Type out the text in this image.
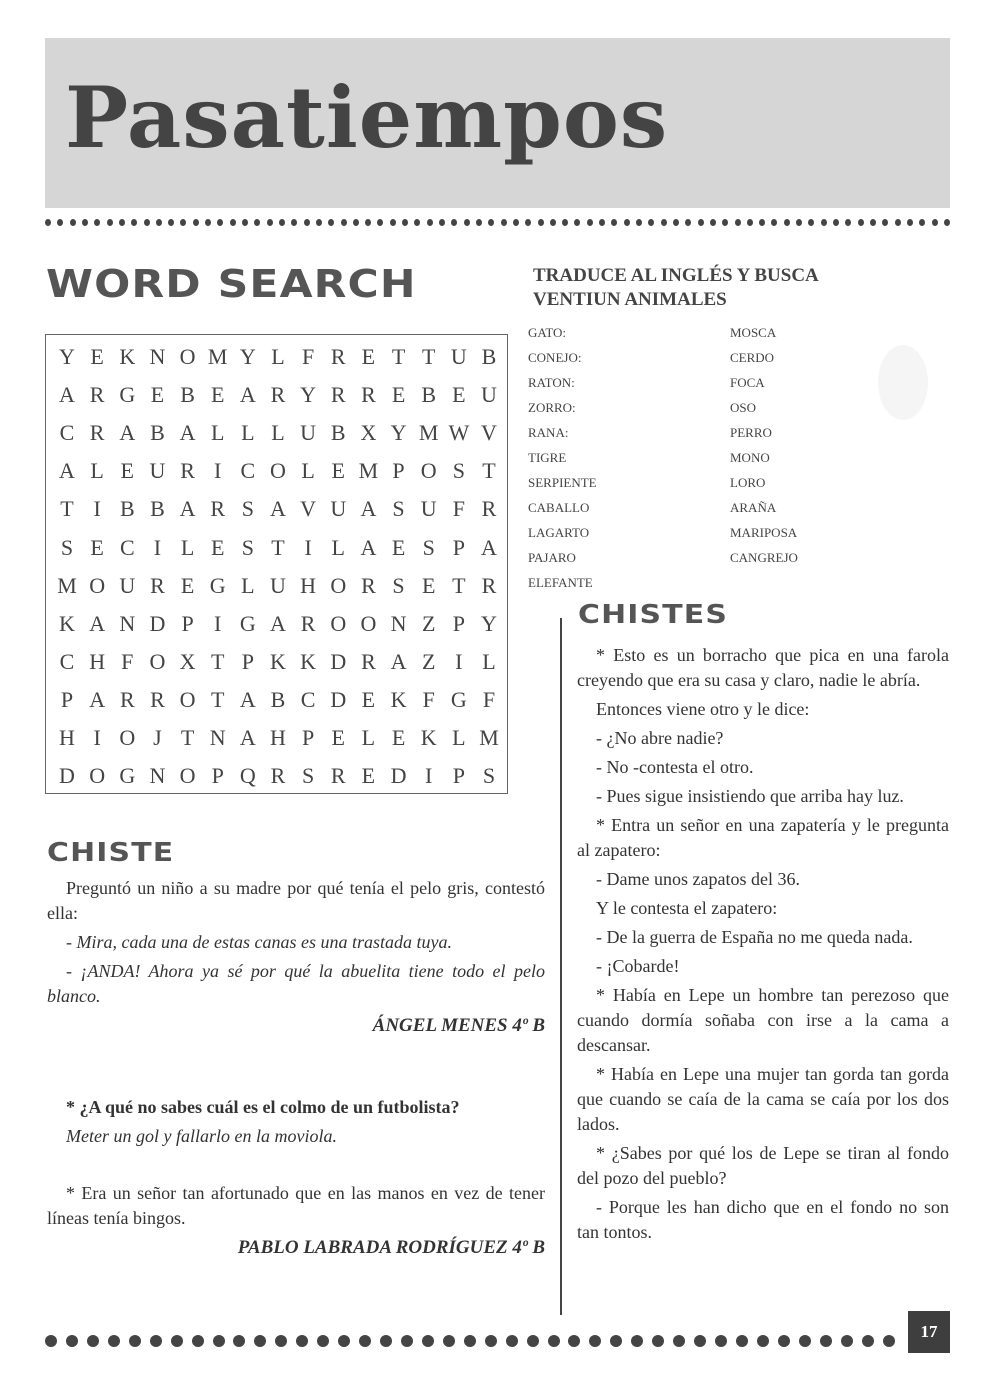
Pasatiempos
WORD SEARCH
Y E K N O M Y L F R E T T U B
A R G E B E A R Y R R E B E U
C R A B A L L L U B X Y M W V
A L E U R I C O L E M P O S T
T I B B A R S A V U A S U F R
S E C I L E S T I L A E S P A
M O U R E G L U H O R S E T R
K A N D P I G A R O O N Z P Y
C H F O X T P K K D R A Z I L
P A R R O T A B C D E K F G F
H I O J T N A H P E L E K L M
D O G N O P Q R S R E D I P S
TRADUCE AL INGLÉS Y BUSCA
VENTIUN ANIMALES
GATO:
CONEJO:
RATON:
ZORRO:
RANA:
TIGRE
SERPIENTE
CABALLO
LAGARTO
PAJARO
ELEFANTE
MOSCA
CERDO
FOCA
OSO
PERRO
MONO
LORO
ARAÑA
MARIPOSA
CANGREJO
CHISTE

Preguntó un niño a su madre por qué tenía el pelo gris, contestó ella:

- Mira, cada una de estas canas es una trastada tuya.

- ¡ANDA! Ahora ya sé por qué la abuelita tiene todo el pelo blanco.

ÁNGEL MENES 4º B

* ¿A qué no sabes cuál es el colmo de un futbolista?

Meter un gol y fallarlo en la moviola.

* Era un señor tan afortunado que en las manos en vez de tener líneas tenía bingos.

PABLO LABRADA RODRÍGUEZ 4º B

CHISTES

* Esto es un borracho que pica en una farola creyendo que era su casa y claro, nadie le abría.

Entonces viene otro y le dice:

- ¿No abre nadie?

- No -contesta el otro.

- Pues sigue insistiendo que arriba hay luz.

* Entra un señor en una zapatería y le pregunta al zapatero:

- Dame unos zapatos del 36.

Y le contesta el zapatero:

- De la guerra de España no me queda nada.

- ¡Cobarde!

* Había en Lepe un hombre tan perezoso que cuando dormía soñaba con irse a la cama a descansar.

* Había en Lepe una mujer tan gorda tan gorda que cuando se caía de la cama se caía por los dos lados.

* ¿Sabes por qué los de Lepe se tiran al fondo del pozo del pueblo?

- Porque les han dicho que en el fondo no son tan tontos.

17
